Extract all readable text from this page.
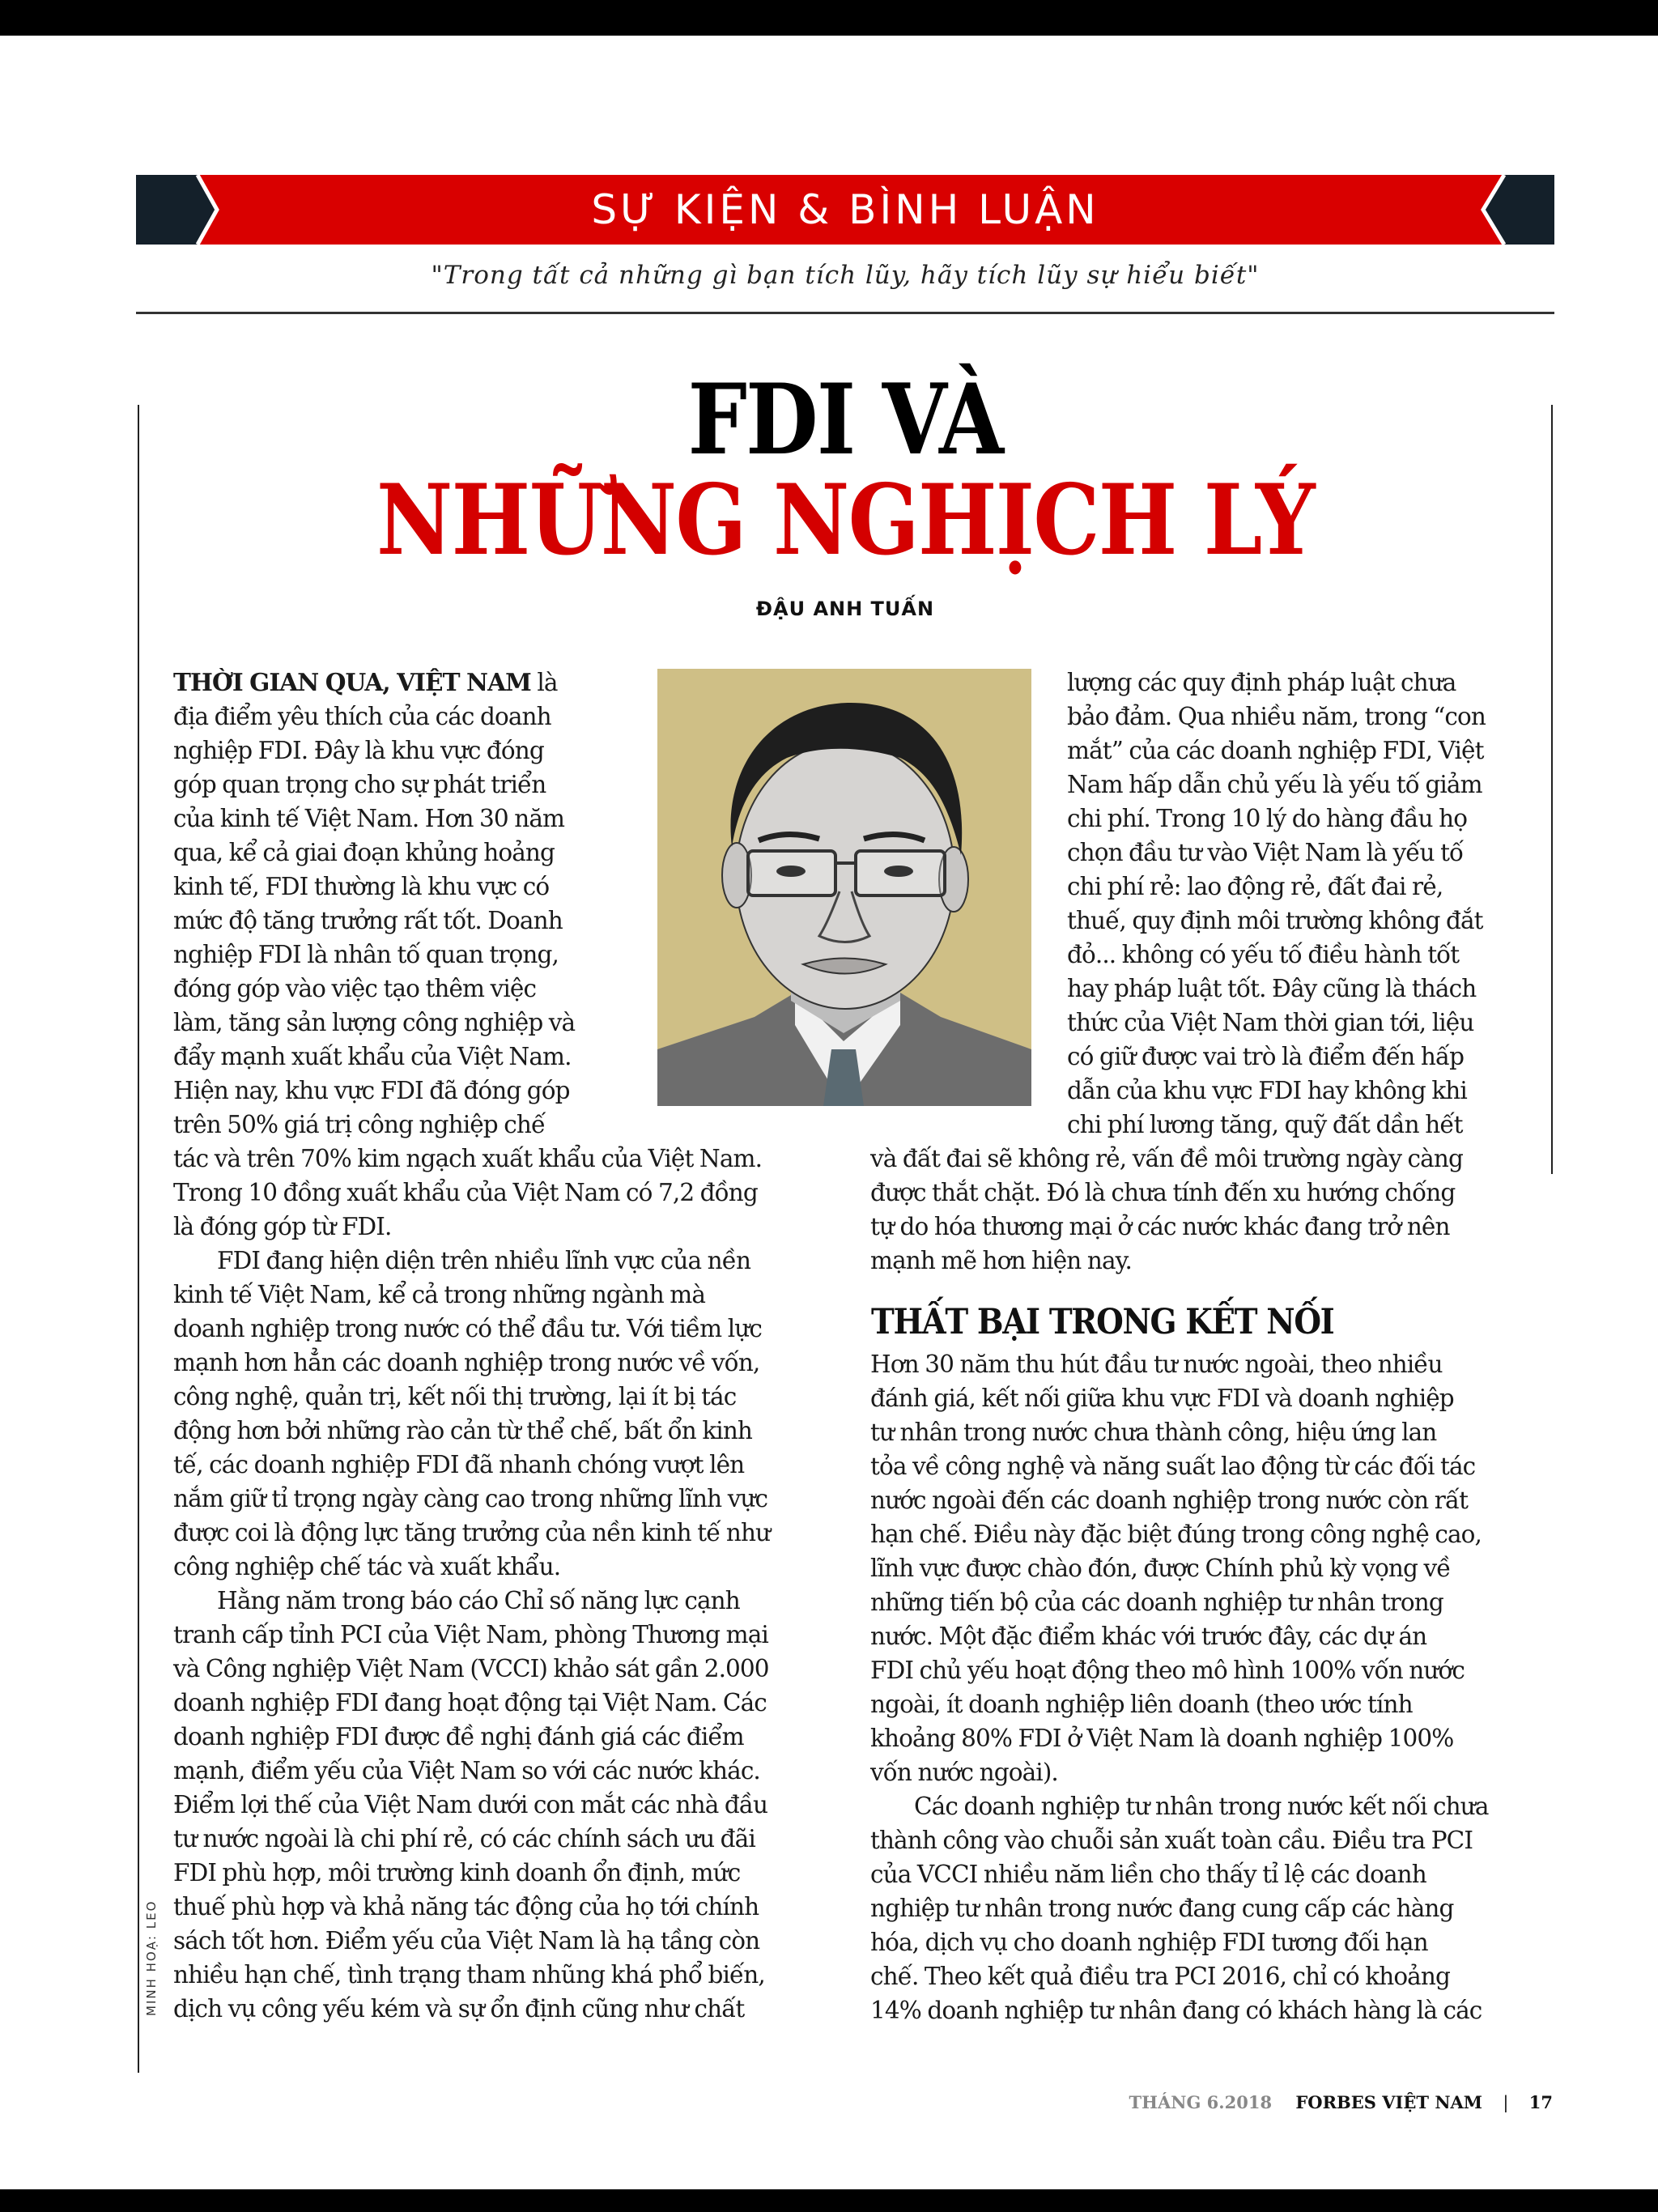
SỰ KIỆN & BÌNH LUẬN
"Trong tất cả những gì bạn tích lũy, hãy tích lũy sự hiểu biết"
FDI VÀ
NHỮNG NGHỊCH LÝ
ĐẬU ANH TUẤN
MINH HOẠ: LEO
THỜI GIAN QUA, VIỆT NAM là
địa điểm yêu thích của các doanh
nghiệp FDI. Đây là khu vực đóng
góp quan trọng cho sự phát triển
của kinh tế Việt Nam. Hơn 30 năm
qua, kể cả giai đoạn khủng hoảng
kinh tế, FDI thường là khu vực có
mức độ tăng trưởng rất tốt. Doanh
nghiệp FDI là nhân tố quan trọng,
đóng góp vào việc tạo thêm việc
làm, tăng sản lượng công nghiệp và
đẩy mạnh xuất khẩu của Việt Nam.
Hiện nay, khu vực FDI đã đóng góp
trên 50% giá trị công nghiệp chế
tác và trên 70% kim ngạch xuất khẩu của Việt Nam.
Trong 10 đồng xuất khẩu của Việt Nam có 7,2 đồng
là đóng góp từ FDI.
FDI đang hiện diện trên nhiều lĩnh vực của nền
kinh tế Việt Nam, kể cả trong những ngành mà
doanh nghiệp trong nước có thể đầu tư. Với tiềm lực
mạnh hơn hẳn các doanh nghiệp trong nước về vốn,
công nghệ, quản trị, kết nối thị trường, lại ít bị tác
động hơn bởi những rào cản từ thể chế, bất ổn kinh
tế, các doanh nghiệp FDI đã nhanh chóng vượt lên
nắm giữ tỉ trọng ngày càng cao trong những lĩnh vực
được coi là động lực tăng trưởng của nền kinh tế như
công nghiệp chế tác và xuất khẩu.
Hằng năm trong báo cáo Chỉ số năng lực cạnh
tranh cấp tỉnh PCI của Việt Nam, phòng Thương mại
và Công nghiệp Việt Nam (VCCI) khảo sát gần 2.000
doanh nghiệp FDI đang hoạt động tại Việt Nam. Các
doanh nghiệp FDI được đề nghị đánh giá các điểm
mạnh, điểm yếu của Việt Nam so với các nước khác.
Điểm lợi thế của Việt Nam dưới con mắt các nhà đầu
tư nước ngoài là chi phí rẻ, có các chính sách ưu đãi
FDI phù hợp, môi trường kinh doanh ổn định, mức
thuế phù hợp và khả năng tác động của họ tới chính
sách tốt hơn. Điểm yếu của Việt Nam là hạ tầng còn
nhiều hạn chế, tình trạng tham nhũng khá phổ biến,
dịch vụ công yếu kém và sự ổn định cũng như chất
lượng các quy định pháp luật chưa
bảo đảm. Qua nhiều năm, trong “con
mắt” của các doanh nghiệp FDI, Việt
Nam hấp dẫn chủ yếu là yếu tố giảm
chi phí. Trong 10 lý do hàng đầu họ
chọn đầu tư vào Việt Nam là yếu tố
chi phí rẻ: lao động rẻ, đất đai rẻ,
thuế, quy định môi trường không đắt
đỏ... không có yếu tố điều hành tốt
hay pháp luật tốt. Đây cũng là thách
thức của Việt Nam thời gian tới, liệu
có giữ được vai trò là điểm đến hấp
dẫn của khu vực FDI hay không khi
chi phí lương tăng, quỹ đất dần hết
và đất đai sẽ không rẻ, vấn đề môi trường ngày càng
được thắt chặt. Đó là chưa tính đến xu hướng chống
tự do hóa thương mại ở các nước khác đang trở nên
mạnh mẽ hơn hiện nay.
THẤT BẠI TRONG KẾT NỐI
Hơn 30 năm thu hút đầu tư nước ngoài, theo nhiều
đánh giá, kết nối giữa khu vực FDI và doanh nghiệp
tư nhân trong nước chưa thành công, hiệu ứng lan
tỏa về công nghệ và năng suất lao động từ các đối tác
nước ngoài đến các doanh nghiệp trong nước còn rất
hạn chế. Điều này đặc biệt đúng trong công nghệ cao,
lĩnh vực được chào đón, được Chính phủ kỳ vọng về
những tiến bộ của các doanh nghiệp tư nhân trong
nước. Một đặc điểm khác với trước đây, các dự án
FDI chủ yếu hoạt động theo mô hình 100% vốn nước
ngoài, ít doanh nghiệp liên doanh (theo ước tính
khoảng 80% FDI ở Việt Nam là doanh nghiệp 100%
vốn nước ngoài).
Các doanh nghiệp tư nhân trong nước kết nối chưa
thành công vào chuỗi sản xuất toàn cầu. Điều tra PCI
của VCCI nhiều năm liền cho thấy tỉ lệ các doanh
nghiệp tư nhân trong nước đang cung cấp các hàng
hóa, dịch vụ cho doanh nghiệp FDI tương đối hạn
chế. Theo kết quả điều tra PCI 2016, chỉ có khoảng
14% doanh nghiệp tư nhân đang có khách hàng là các
THÁNG 6.2018 FORBES VIỆT NAM | 17
